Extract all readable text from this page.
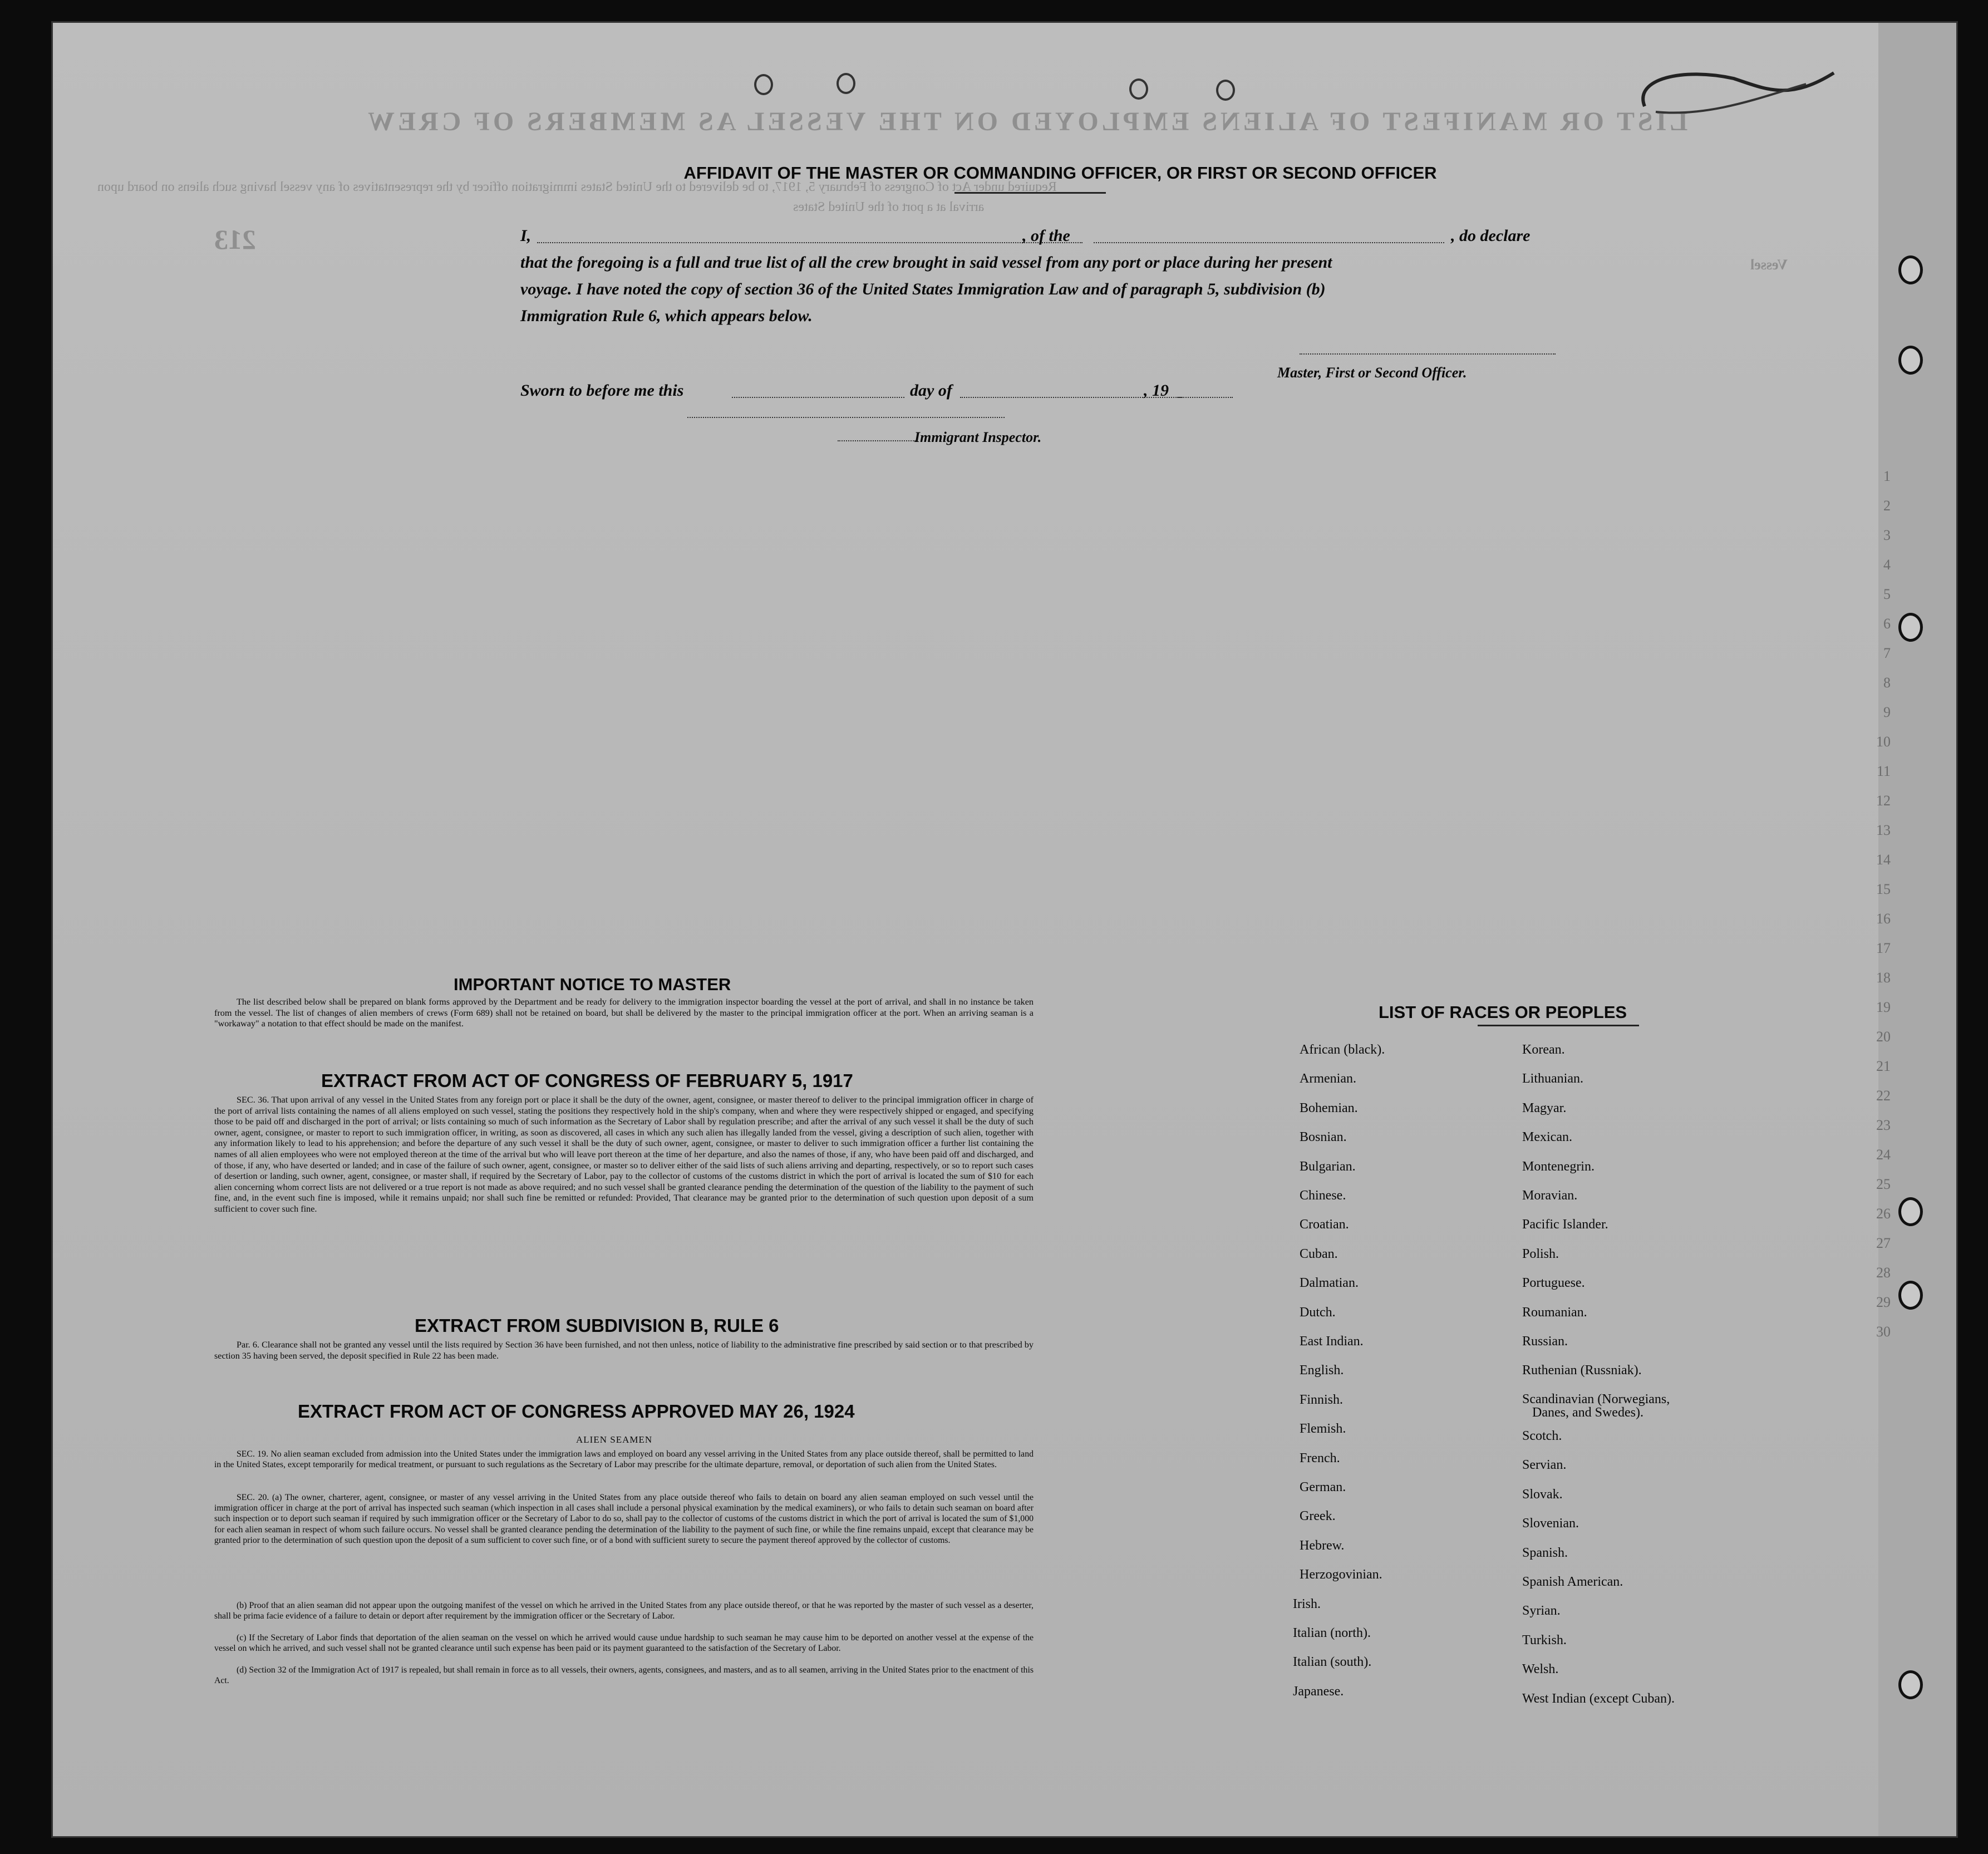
LIST OR MANIFEST OF ALIENS EMPLOYED ON THE VESSEL AS MEMBERS OF CREW
Required under Act of Congress of February 5, 1917, to be delivered to the United States immigration officer by the representatives of any vessel having such aliens on board upon
arrival at a port of the United States
Vessel
213
1
2
3
4
5
6
7
8
9
10
11
12
13
14
15
16
17
18
19
20
21
22
23
24
25
26
27
28
29
30
AFFIDAVIT OF THE MASTER OR COMMANDING OFFICER, OR FIRST OR SECOND OFFICER
I,	, of the	, do declare
that the foregoing is a full and true list of all the crew brought in said vessel from any port or place during her present
voyage. I have noted the copy of section 36 of the United States Immigration Law and of paragraph 5, subdivision (b)
Immigration Rule 6, which appears below.
Master, First or Second Officer.
Sworn to before me this	day of	, 19
Immigrant Inspector.
IMPORTANT NOTICE TO MASTER
The list described below shall be prepared on blank forms approved by the Department and be ready for delivery to the immigration inspector boarding the vessel at the port of arrival, and shall in no instance be taken from the vessel. The list of changes of alien members of crews (Form 689) shall not be retained on board, but shall be delivered by the master to the principal immigration officer at the port. When an arriving seaman is a "workaway" a notation to that effect should be made on the manifest.
EXTRACT FROM ACT OF CONGRESS OF FEBRUARY 5, 1917
SEC. 36. That upon arrival of any vessel in the United States from any foreign port or place it shall be the duty of the owner, agent, consignee, or master thereof to deliver to the principal immigration officer in charge of the port of arrival lists containing the names of all aliens employed on such vessel, stating the positions they respectively hold in the ship's company, when and where they were respectively shipped or engaged, and specifying those to be paid off and discharged in the port of arrival; or lists containing so much of such information as the Secretary of Labor shall by regulation prescribe; and after the arrival of any such vessel it shall be the duty of such owner, agent, consignee, or master to report to such immigration officer, in writing, as soon as discovered, all cases in which any such alien has illegally landed from the vessel, giving a description of such alien, together with any information likely to lead to his apprehension; and before the departure of any such vessel it shall be the duty of such owner, agent, consignee, or master to deliver to such immigration officer a further list containing the names of all alien employees who were not employed thereon at the time of the arrival but who will leave port thereon at the time of her departure, and also the names of those, if any, who have been paid off and discharged, and of those, if any, who have deserted or landed; and in case of the failure of such owner, agent, consignee, or master so to deliver either of the said lists of such aliens arriving and departing, respectively, or so to report such cases of desertion or landing, such owner, agent, consignee, or master shall, if required by the Secretary of Labor, pay to the collector of customs of the customs district in which the port of arrival is located the sum of $10 for each alien concerning whom correct lists are not delivered or a true report is not made as above required; and no such vessel shall be granted clearance pending the determination of the question of the liability to the payment of such fine, and, in the event such fine is imposed, while it remains unpaid; nor shall such fine be remitted or refunded: Provided, That clearance may be granted prior to the determination of such question upon deposit of a sum sufficient to cover such fine.
EXTRACT FROM SUBDIVISION B, RULE 6
Par. 6. Clearance shall not be granted any vessel until the lists required by Section 36 have been furnished, and not then unless, notice of liability to the administrative fine prescribed by said section or to that prescribed by section 35 having been served, the deposit specified in Rule 22 has been made.
EXTRACT FROM ACT OF CONGRESS APPROVED MAY 26, 1924
ALIEN SEAMEN
SEC. 19. No alien seaman excluded from admission into the United States under the immigration laws and employed on board any vessel arriving in the United States from any place outside thereof, shall be permitted to land in the United States, except temporarily for medical treatment, or pursuant to such regulations as the Secretary of Labor may prescribe for the ultimate departure, removal, or deportation of such alien from the United States.
SEC. 20. (a) The owner, charterer, agent, consignee, or master of any vessel arriving in the United States from any place outside thereof who fails to detain on board any alien seaman employed on such vessel until the immigration officer in charge at the port of arrival has inspected such seaman (which inspection in all cases shall include a personal physical examination by the medical examiners), or who fails to detain such seaman on board after such inspection or to deport such seaman if required by such immigration officer or the Secretary of Labor to do so, shall pay to the collector of customs of the customs district in which the port of arrival is located the sum of $1,000 for each alien seaman in respect of whom such failure occurs. No vessel shall be granted clearance pending the determination of the liability to the payment of such fine, or while the fine remains unpaid, except that clearance may be granted prior to the determination of such question upon the deposit of a sum sufficient to cover such fine, or of a bond with sufficient surety to secure the payment thereof approved by the collector of customs.
(b) Proof that an alien seaman did not appear upon the outgoing manifest of the vessel on which he arrived in the United States from any place outside thereof, or that he was reported by the master of such vessel as a deserter, shall be prima facie evidence of a failure to detain or deport after requirement by the immigration officer or the Secretary of Labor.
(c) If the Secretary of Labor finds that deportation of the alien seaman on the vessel on which he arrived would cause undue hardship to such seaman he may cause him to be deported on another vessel at the expense of the vessel on which he arrived, and such vessel shall not be granted clearance until such expense has been paid or its payment guaranteed to the satisfaction of the Secretary of Labor.
(d) Section 32 of the Immigration Act of 1917 is repealed, but shall remain in force as to all vessels, their owners, agents, consignees, and masters, and as to all seamen, arriving in the United States prior to the enactment of this Act.
LIST OF RACES OR PEOPLES
African (black).
Armenian.
Bohemian.
Bosnian.
Bulgarian.
Chinese.
Croatian.
Cuban.
Dalmatian.
Dutch.
East Indian.
English.
Finnish.
Flemish.
French.
German.
Greek.
Hebrew.
Herzogovinian.
Irish.
Italian (north).
Italian (south).
Japanese.
Korean.
Lithuanian.
Magyar.
Mexican.
Montenegrin.
Moravian.
Pacific Islander.
Polish.
Portuguese.
Roumanian.
Russian.
Ruthenian (Russniak).
Scandinavian (Norwegians,
Danes, and Swedes).
Scotch.
Servian.
Slovak.
Slovenian.
Spanish.
Spanish American.
Syrian.
Turkish.
Welsh.
West Indian (except Cuban).
